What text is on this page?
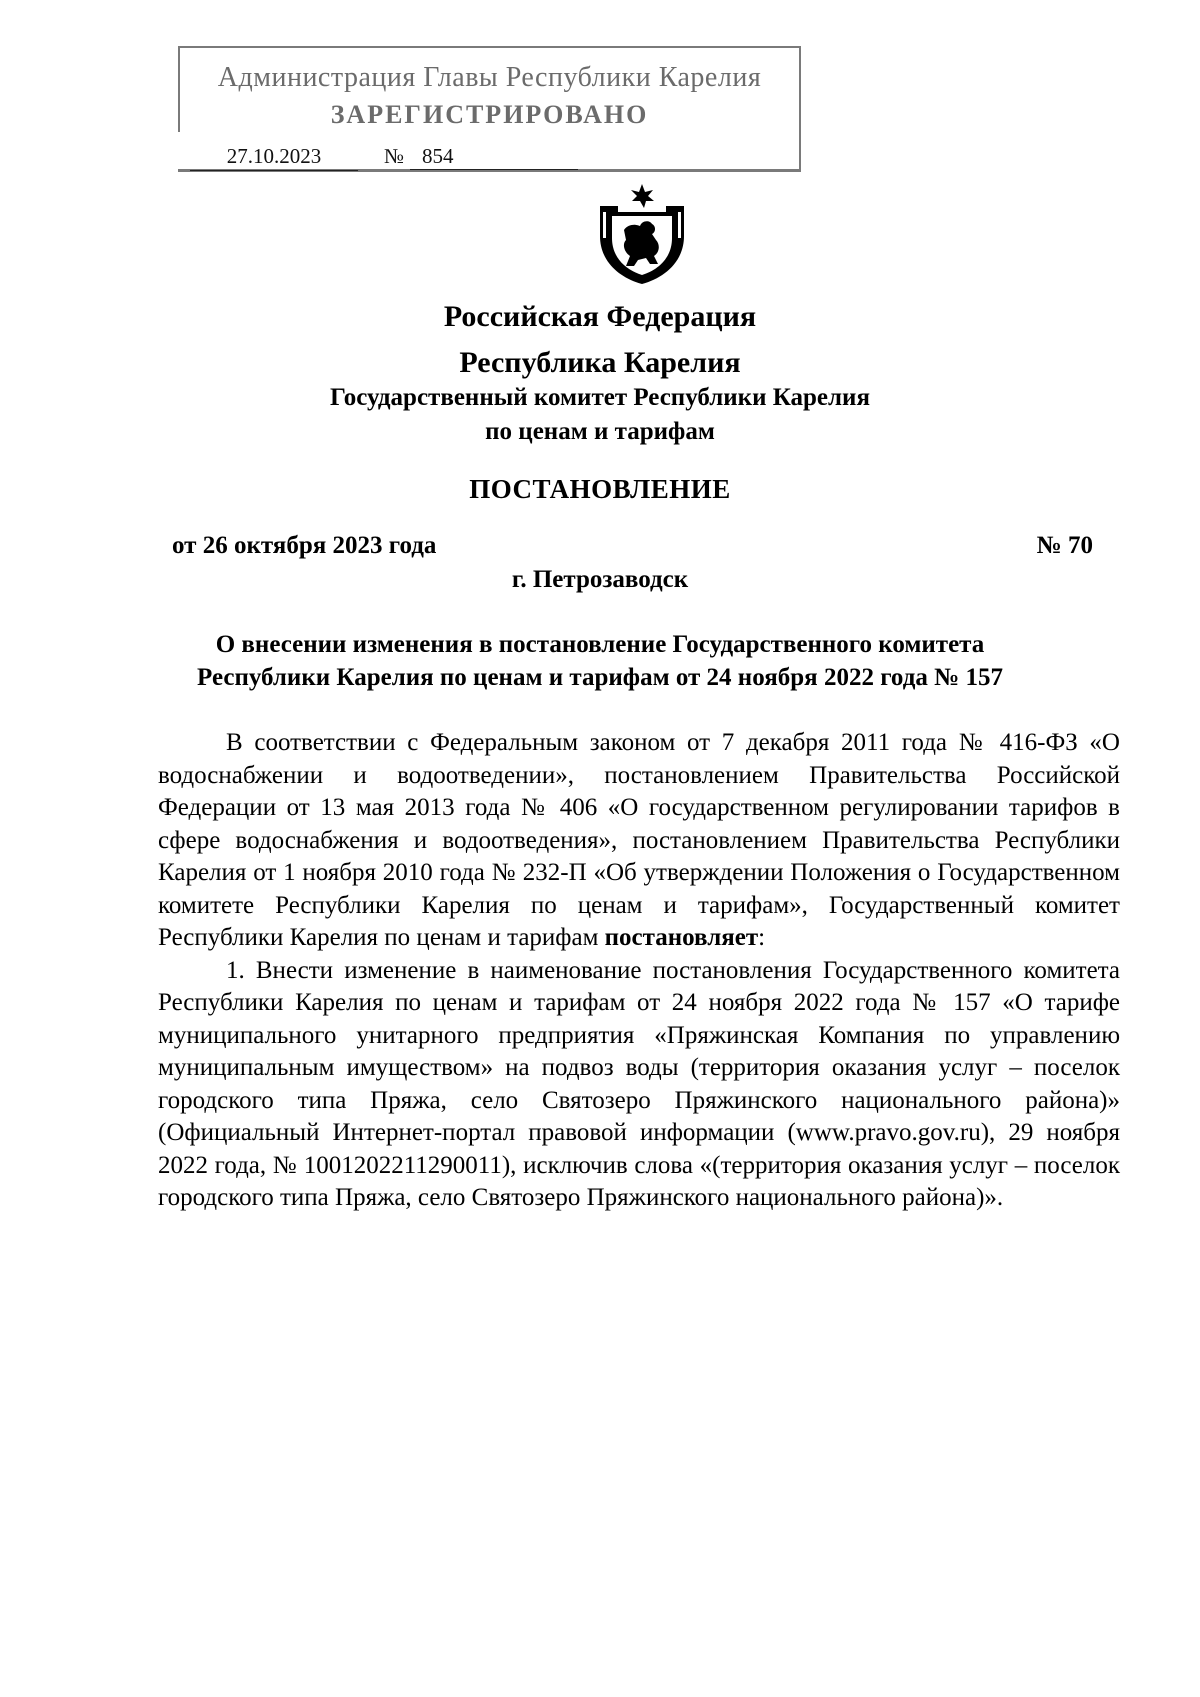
Администрация Главы Республики Карелия
ЗАРЕГИСТРИРОВАНО
27.10.2023	№ 854
Российская Федерация
Республика Карелия
Государственный комитет Республики Карелия
по ценам и тарифам
ПОСТАНОВЛЕНИЕ
от 26 октября 2023 года	№ 70
г. Петрозаводск
О внесении изменения в постановление Государственного комитета
Республики Карелия по ценам и тарифам от 24 ноября 2022 года № 157

В соответствии с Федеральным законом от 7 декабря 2011 года № 416-ФЗ «О водоснабжении и водоотведении», постановлением Правительства Российской Федерации от 13 мая 2013 года № 406 «О государственном регулировании тарифов в сфере водоснабжения и водоотведения», постановлением Правительства Республики Карелия от 1 ноября 2010 года № 232-П «Об утверждении Положения о Государственном комитете Республики Карелия по ценам и тарифам», Государственный комитет Республики Карелия по ценам и тарифам постановляет:

1. Внести изменение в наименование постановления Государственного комитета Республики Карелия по ценам и тарифам от 24 ноября 2022 года № 157 «О тарифе муниципального унитарного предприятия «Пряжинская Компания по управлению муниципальным имуществом» на подвоз воды (территория оказания услуг – поселок городского типа Пряжа, село Святозеро Пряжинского национального района)» (Официальный Интернет-портал правовой информации (www.pravo.gov.ru), 29 ноября 2022 года, № 1001202211290011), исключив слова «(территория оказания услуг – поселок городского типа Пряжа, село Святозеро Пряжинского национального района)».
